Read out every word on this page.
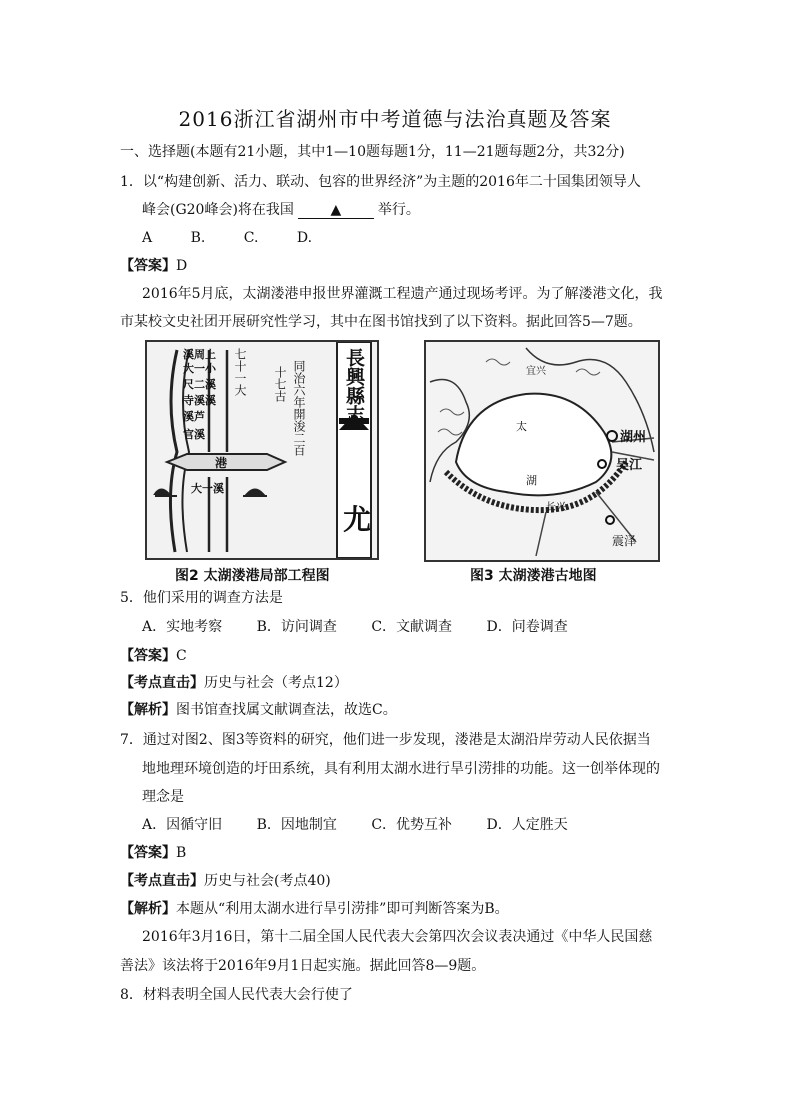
2016浙江省湖州市中考道德与法治真题及答案
一、选择题(本题有21小题，其中1—10题每题1分，11—21题每题2分，共32分)
1．以“构建创新、活力、联动、包容的世界经济”为主题的2016年二十国集团领导人
峰会(G20峰会)将在我国	▲	举行。
A	B.	C.	D.
【答案】D
2016年5月底，太湖溇港申报世界灌溉工程遗产通过现场考评。为了解溇港文化，我
市某校文史社团开展研究性学习，其中在图书馆找到了以下资料。据此回答5—7题。
長興縣志
尤
七十一大	同治六年開浚二百
十七古
溪周上
大一小
尺二溪
寺溪溪
溪芦
官溪
港
大一溪
图2 太湖溇港局部工程图
太
湖
湖州
吴江
长兴
震泽
宜兴
图3 太湖溇港古地图
5．他们采用的调查方法是
A．实地考察 B．访问调查 C．文献调查 D．问卷调查
【答案】C
【考点直击】历史与社会（考点12）
【解析】图书馆查找属文献调查法，故选C。
7．通过对图2、图3等资料的研究，他们进一步发现，溇港是太湖沿岸劳动人民依据当
地地理环境创造的圩田系统，具有利用太湖水进行旱引涝排的功能。这一创举体现的
理念是
A．因循守旧 B．因地制宜 C．优势互补 D．人定胜天
【答案】B
【考点直击】历史与社会(考点40)
【解析】本题从“利用太湖水进行旱引涝排”即可判断答案为B。
2016年3月16日，第十二届全国人民代表大会第四次会议表决通过《中华人民国慈
善法》该法将于2016年9月1日起实施。据此回答8—9题。
8．材料表明全国人民代表大会行使了
